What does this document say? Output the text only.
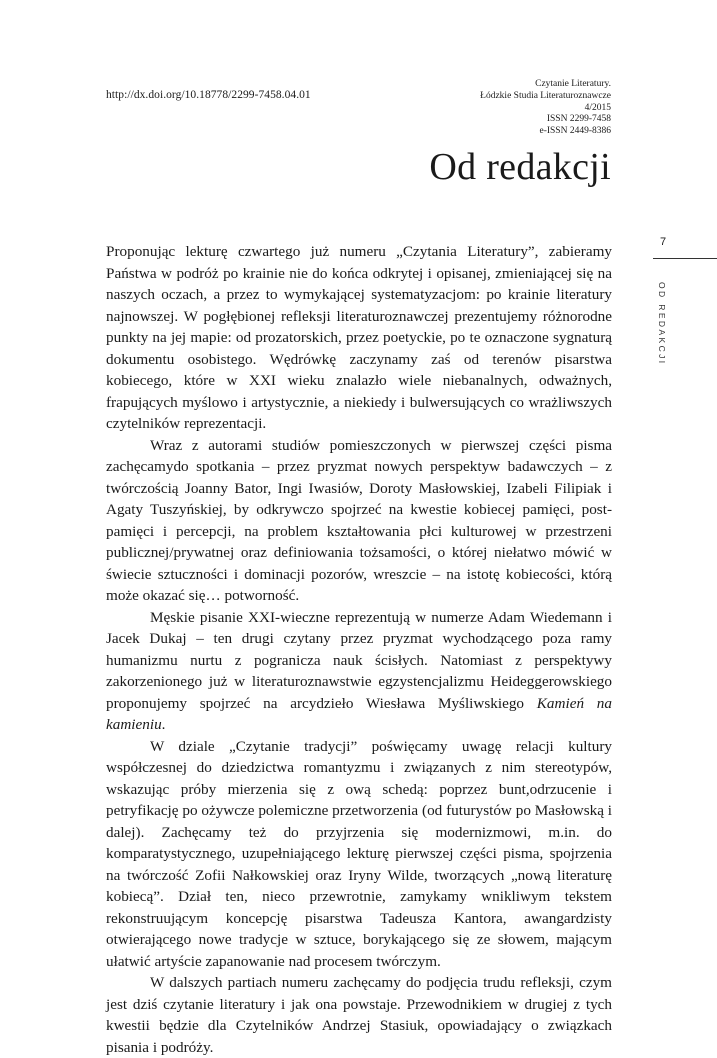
http://dx.doi.org/10.18778/2299-7458.04.01
Czytanie Literatury.
Łódzkie Studia Literaturoznawcze
4/2015
ISSN 2299-7458
e-ISSN 2449-8386
Od redakcji
7
OD REDAKCJI

Proponując lekturę czwartego już numeru „Czytania Literatury”, zabieramy Państwa w podróż po krainie nie do końca odkrytej i opisanej, zmieniającej się na naszych oczach, a przez to wymykającej systematyzacjom: po krainie literatury najnowszej. W pogłębionej refleksji literaturoznawczej prezentujemy różnorodne punkty na jej mapie: od prozatorskich, przez poetyckie, po te oznaczone sygnaturą dokumentu osobistego. Wędrówkę zaczynamy zaś od terenów pisarstwa kobiecego, które w XXI wieku znalazło wiele niebanalnych, odważnych, frapujących myślowo i artystycznie, a niekiedy i bulwersujących co wrażliwszych czytelników reprezentacji.

Wraz z autorami studiów pomieszczonych w pierwszej części pisma zachęcamydo spotkania – przez pryzmat nowych perspektyw badawczych – z twórczością Joanny Bator, Ingi Iwasiów, Doroty Masłowskiej, Izabeli Filipiak i Agaty Tuszyńskiej, by odkrywczo spojrzeć na kwestie kobiecej pamięci, post-pamięci i percepcji, na problem kształtowania płci kulturowej w przestrzeni publicznej/prywatnej oraz definiowania tożsamości, o której niełatwo mówić w świecie sztuczności i dominacji pozorów, wreszcie – na istotę kobiecości, którą może okazać się… potworność.

Męskie pisanie XXI-wieczne reprezentują w numerze Adam Wiedemann i Jacek Dukaj – ten drugi czytany przez pryzmat wychodzącego poza ramy humanizmu nurtu z pogranicza nauk ścisłych. Natomiast z perspektywy zakorzenionego już w literaturoznawstwie egzystencjalizmu Heideggerowskiego proponujemy spojrzeć na arcydzieło Wiesława Myśliwskiego Kamień na kamieniu.

W dziale „Czytanie tradycji” poświęcamy uwagę relacji kultury współczesnej do dziedzictwa romantyzmu i związanych z nim stereotypów, wskazując próby mierzenia się z ową schedą: poprzez bunt,odrzucenie i petryfikację po ożywcze polemiczne przetworzenia (od futurystów po Masłowską i dalej). Zachęcamy też do przyjrzenia się modernizmowi, m.in. do komparatystycznego, uzupełniającego lekturę pierwszej części pisma, spojrzenia na twórczość Zofii Nałkowskiej oraz Iryny Wilde, tworzących „nową literaturę kobiecą”. Dział ten, nieco przewrotnie, zamykamy wnikliwym tekstem rekonstruującym koncepcję pisarstwa Tadeusza Kantora, awangardzisty otwierającego nowe tradycje w sztuce, borykającego się ze słowem, mającym ułatwić artyście zapanowanie nad procesem twórczym.

W dalszych partiach numeru zachęcamy do podjęcia trudu refleksji, czym jest dziś czytanie literatury i jak ona powstaje. Przewodnikiem w drugiej z tych kwestii będzie dla Czytelników Andrzej Stasiuk, opowiadający o związkach pisania i podróży.
